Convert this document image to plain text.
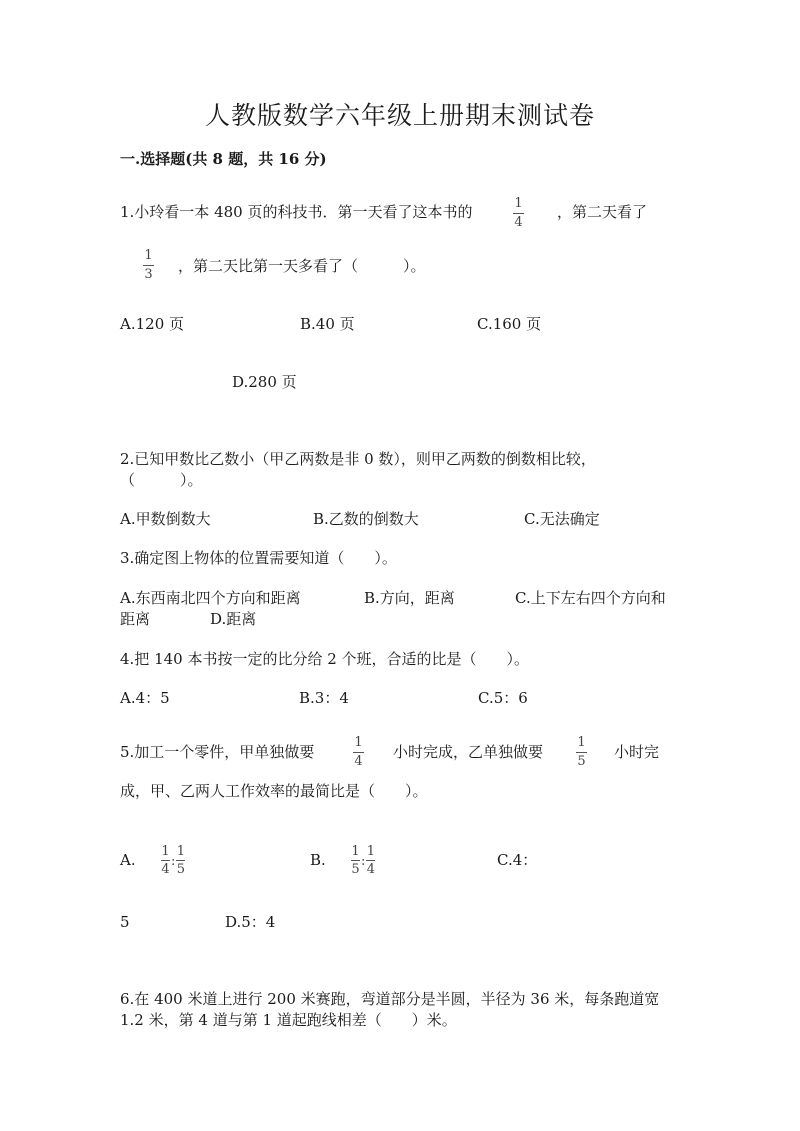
人教版数学六年级上册期末测试卷
一.选择题(共 8 题，共 16 分)
1.小玲看一本 480 页的科技书．第一天看了这本书的	1
4
，第二天看了
1
3 ，第二天比第一天多看了（　　　）。
A.120 页	B.40 页	C.160 页
D.280 页
2.已知甲数比乙数小（甲乙两数是非 0 数），则甲乙两数的倒数相比较，
（　　　）。
A.甲数倒数大	B.乙数的倒数大	C.无法确定
3.确定图上物体的位置需要知道（　　）。
A.东西南北四个方向和距离	B.方向，距离	C.上下左右四个方向和
距离	D.距离
4.把 140 本书按一定的比分给 2 个班，合适的比是（　　）。
A.4：5	B.3：4	C.5：6
5.加工一个零件，甲单独做要
1
4
小时完成，乙单独做要
1
5
小时完
成，甲、乙两人工作效率的最简比是（　　）。
A. 1
4
:
1
5
B. 1
5
:
1
4
C.4：
5	D.5：4
6.在 400 米道上进行 200 米赛跑，弯道部分是半圆，半径为 36 米，每条跑道宽
1.2 米，第 4 道与第 1 道起跑线相差（　　）米。
